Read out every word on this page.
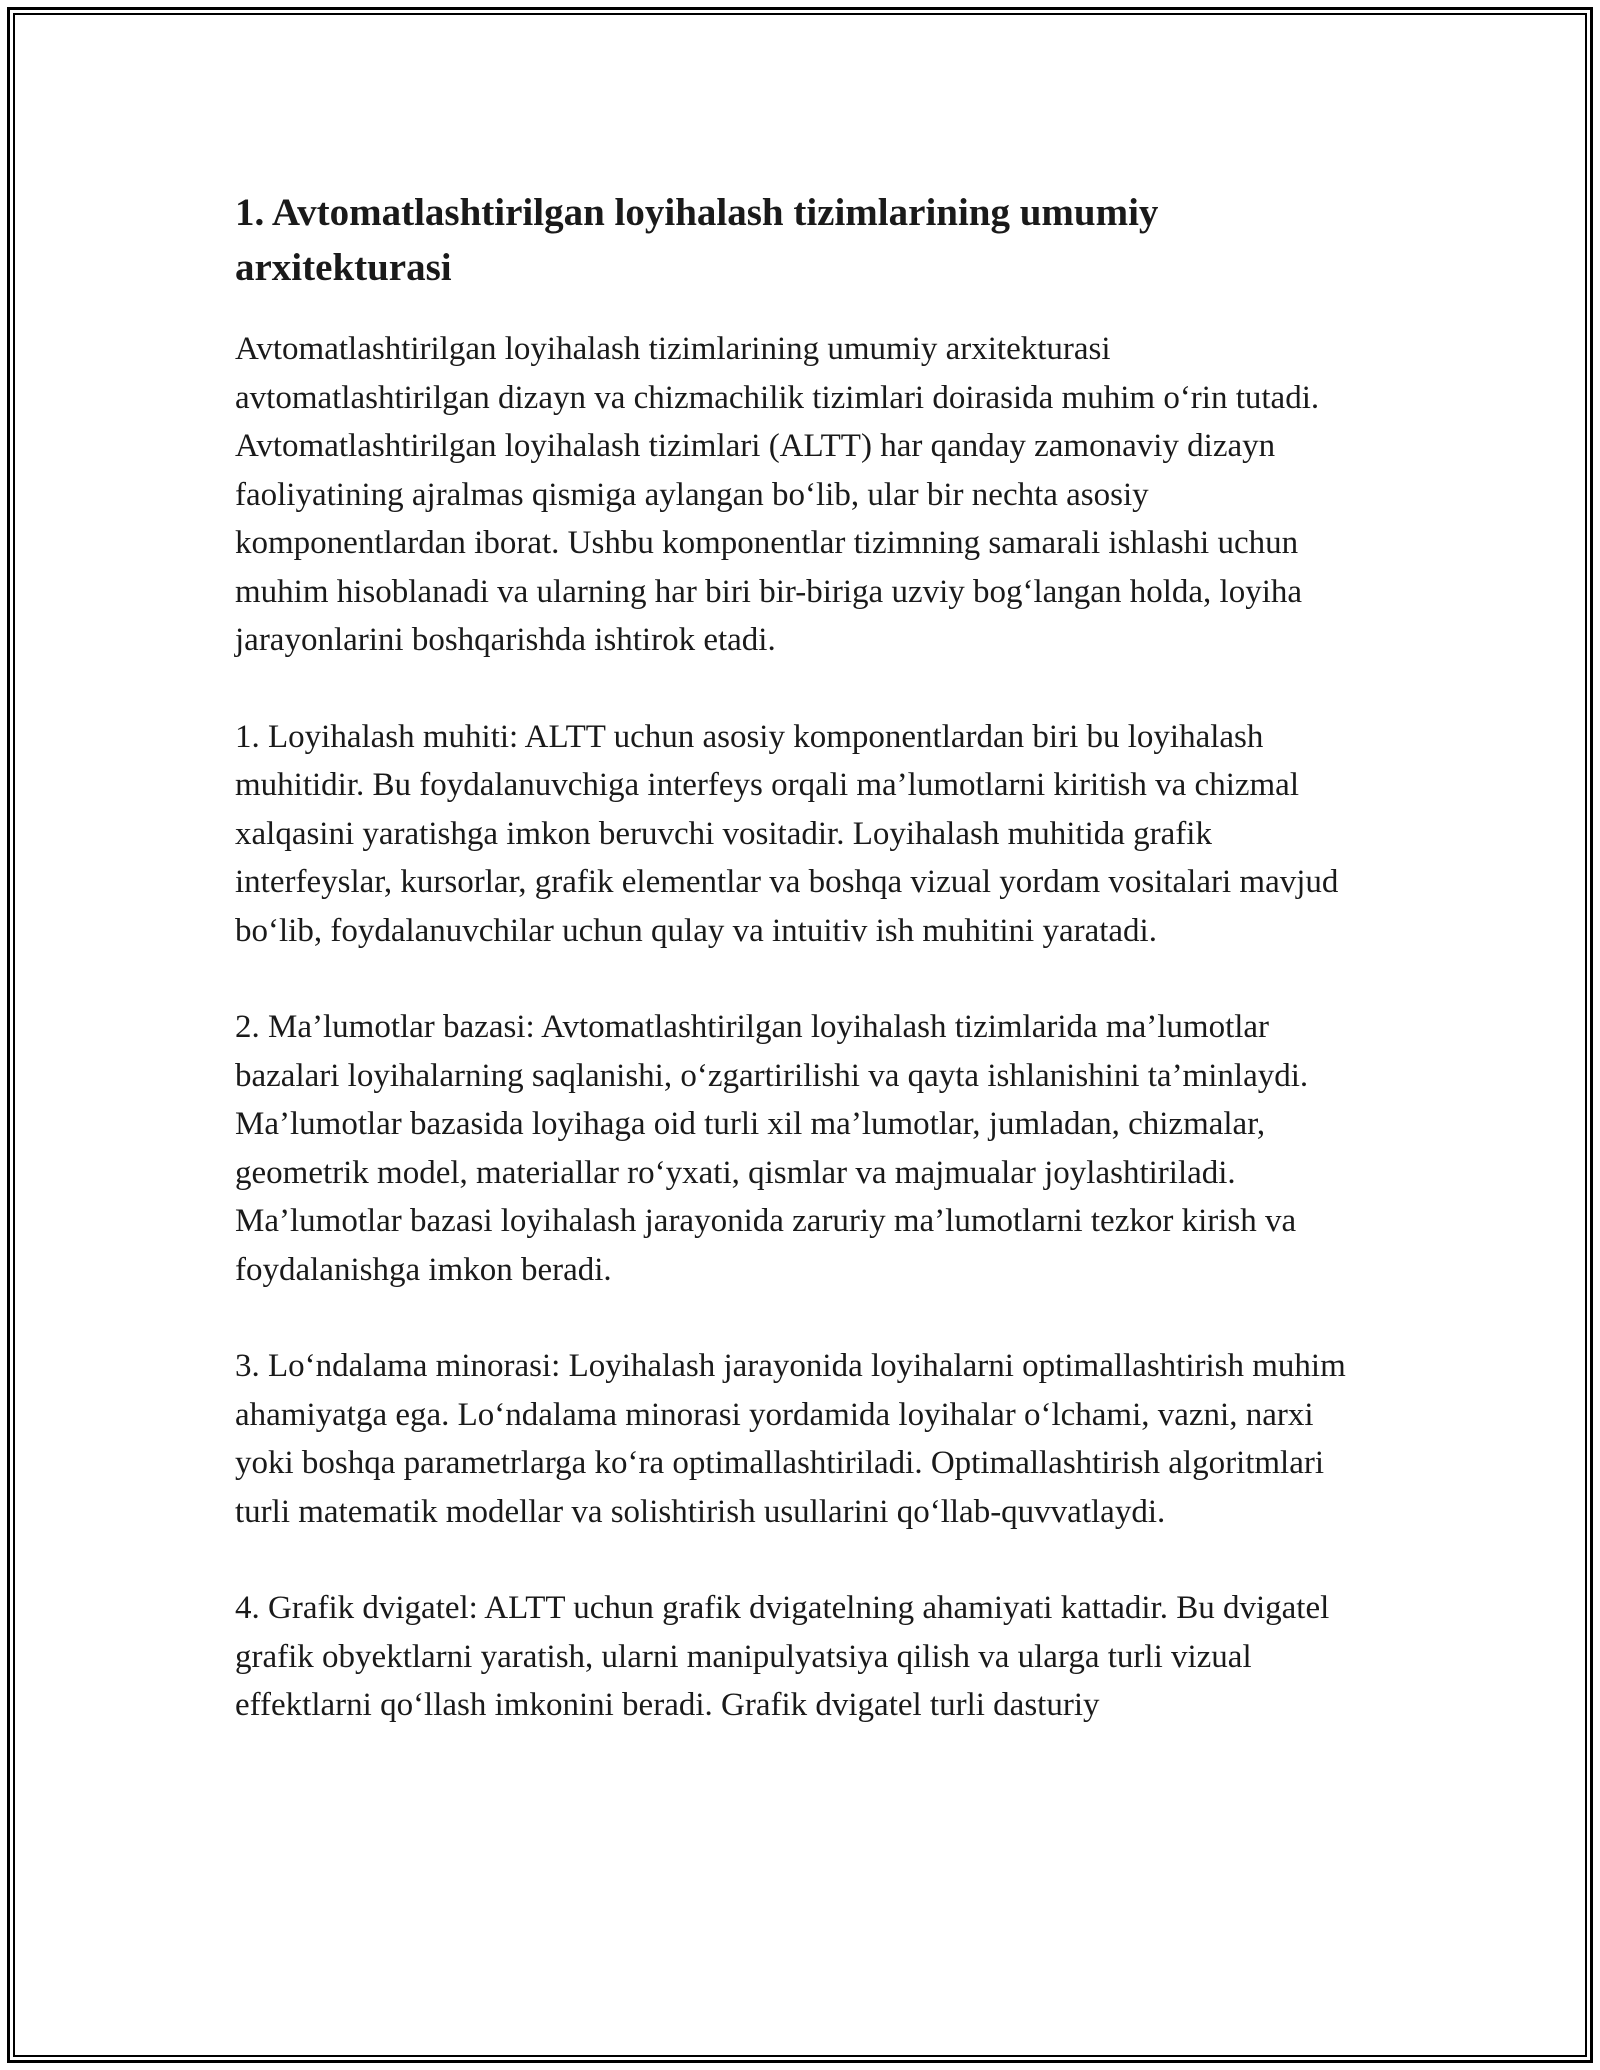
1. Avtomatlashtirilgan loyihalash tizimlarining umumiy arxitekturasi

Avtomatlashtirilgan loyihalash tizimlarining umumiy arxitekturasi avtomatlashtirilgan dizayn va chizmachilik tizimlari doirasida muhim o‘rin tutadi. Avtomatlashtirilgan loyihalash tizimlari (ALTT) har qanday zamonaviy dizayn faoliyatining ajralmas qismiga aylangan bo‘lib, ular bir nechta asosiy komponentlardan iborat. Ushbu komponentlar tizimning samarali ishlashi uchun muhim hisoblanadi va ularning har biri bir-biriga uzviy bog‘langan holda, loyiha jarayonlarini boshqarishda ishtirok etadi.

1. Loyihalash muhiti: ALTT uchun asosiy komponentlardan biri bu loyihalash muhitidir. Bu foydalanuvchiga interfeys orqali ma’lumotlarni kiritish va chizmal xalqasini yaratishga imkon beruvchi vositadir. Loyihalash muhitida grafik interfeyslar, kursorlar, grafik elementlar va boshqa vizual yordam vositalari mavjud bo‘lib, foydalanuvchilar uchun qulay va intuitiv ish muhitini yaratadi.

2. Ma’lumotlar bazasi: Avtomatlashtirilgan loyihalash tizimlarida ma’lumotlar bazalari loyihalarning saqlanishi, o‘zgartirilishi va qayta ishlanishini ta’minlaydi. Ma’lumotlar bazasida loyihaga oid turli xil ma’lumotlar, jumladan, chizmalar, geometrik model, materiallar ro‘yxati, qismlar va majmualar joylashtiriladi. Ma’lumotlar bazasi loyihalash jarayonida zaruriy ma’lumotlarni tezkor kirish va foydalanishga imkon beradi.

3. Lo‘ndalama minorasi: Loyihalash jarayonida loyihalarni optimallashtirish muhim ahamiyatga ega. Lo‘ndalama minorasi yordamida loyihalar o‘lchami, vazni, narxi yoki boshqa parametrlarga ko‘ra optimallashtiriladi. Optimallashtirish algoritmlari turli matematik modellar va solishtirish usullarini qo‘llab-quvvatlaydi.

4. Grafik dvigatel: ALTT uchun grafik dvigatelning ahamiyati kattadir. Bu dvigatel grafik obyektlarni yaratish, ularni manipulyatsiya qilish va ularga turli vizual effektlarni qo‘llash imkonini beradi. Grafik dvigatel turli dasturiy
